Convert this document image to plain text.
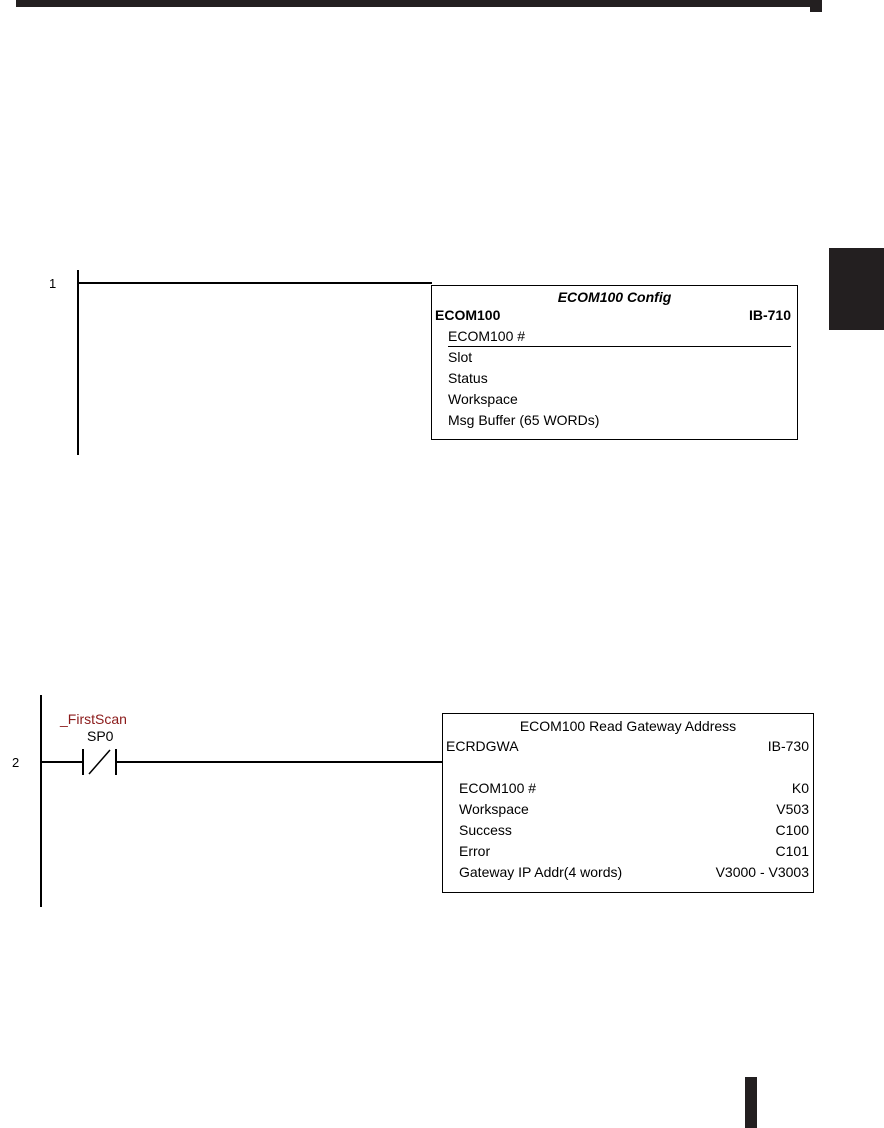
1
ECOM100 Config
ECOM100	IB-710
ECOM100 #
Slot
Status
Workspace
Msg Buffer (65 WORDs)
2
_FirstScan
SP0
ECOM100 Read Gateway Address
ECRDGWA	IB-730
ECOM100 #	K0
Workspace	V503
Success	C100
Error	C101
Gateway IP Addr(4 words)	V3000 - V3003
